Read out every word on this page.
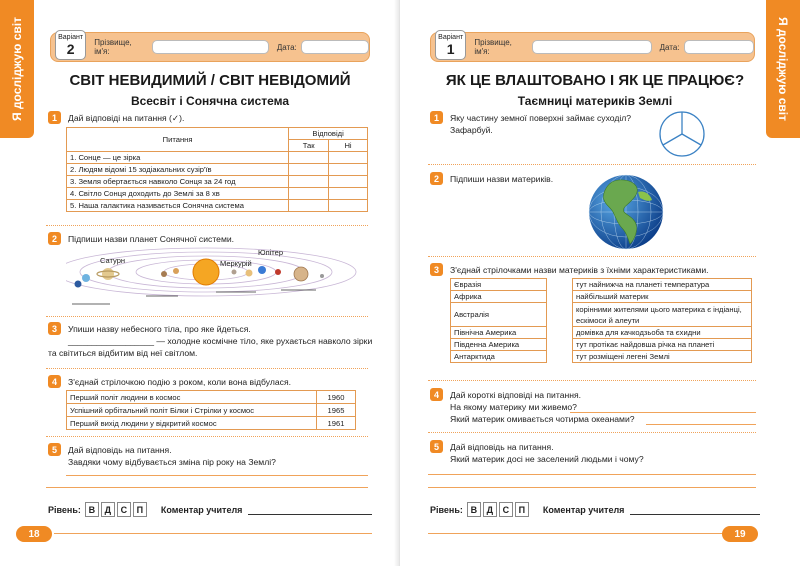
Я досліджую світ	Варіант
2 Прізвище, ім'я:	Дата:
СВІТ НЕВИДИМИЙ / СВІТ НЕВІДОМИЙ
Всесвіт і Сонячна система
1	Дай відповіді на питання (✓).
Питання	Відповіді	
	Так	Ні
1. Сонце — це зірка		
2. Людям відомі 15 зодіакальних сузір'їв		
3. Земля обертається навколо Сонця за 24 год		
4. Світло Сонця доходить до Землі за 8 хв		
5. Наша галактика називається Сонячна система		
2	Підпиши назви планет Сонячної системи.
Сатурн	Меркурій
Юпітер
3	Упиши назву небесного тіла, про яке йдеться.
__________________ — холодне космічне тіло, яке рухається навколо зірки
та світиться відбитим від неї світлом.
4	З'єднай стрілочкою подію з роком, коли вона відбулася.
Перший політ людини в космос	1960
Успішний орбітальний політ Білки і Стрілки у космос	1965
Перший вихід людини у відкритий космос	1961
5	Дай відповідь на питання.
Завдяки чому відбувається зміна пір року на Землі?
Рівень: В	Д	С	П	Коментар учителя
18
Я досліджую світ
Варіант
1 Прізвище, ім'я:	Дата:
ЯК ЦЕ ВЛАШТОВАНО І ЯК ЦЕ ПРАЦЮЄ?
Таємниці материків Землі
1	Яку частину земної поверхні займає суходіл?
Зафарбуй.
2	Підпиши назви материків.
3	З'єднай стрілочками назви материків з їхніми характеристиками.
Євразія		тут найнижча на планеті температура
Африка		найбільший материк
Австралія		корінними жителями цього материка є індіанці, ескімоси й алеути
Північна Америка		домівка для качкодзьоба та єхидни
Південна Америка		тут протікає найдовша річка на планеті
Антарктида		тут розміщені легені Землі
4	Дай короткі відповіді на питання.
На якому материку ми живемо?
Який материк омивається чотирма океанами?
5	Дай відповідь на питання.
Який материк досі не заселений людьми і чому?
Рівень: В	Д	С	П	Коментар учителя
19
